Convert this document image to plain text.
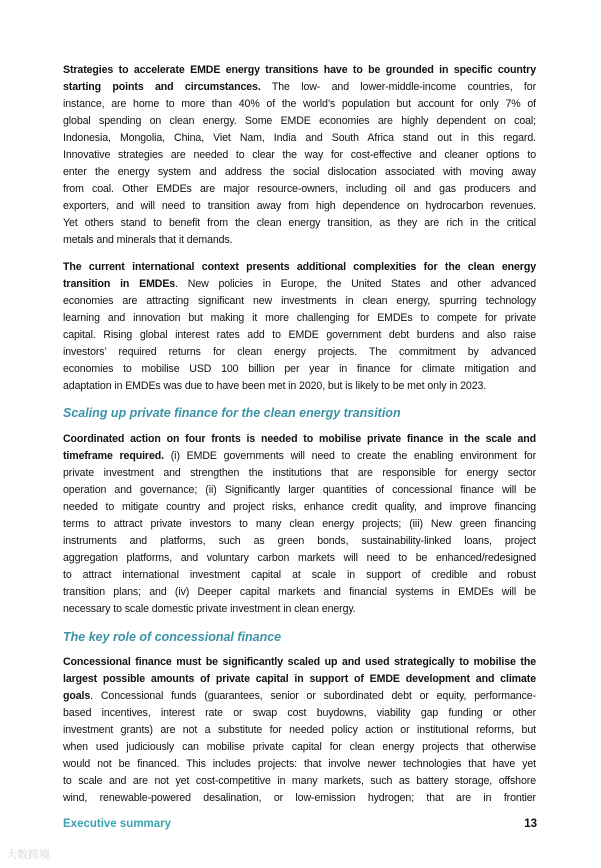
Strategies to accelerate EMDE energy transitions have to be grounded in specific country
starting points and circumstances. The low- and lower-middle-income countries, for
instance, are home to more than 40% of the world’s population but account for only 7% of
global spending on clean energy. Some EMDE economies are highly dependent on coal;
Indonesia, Mongolia, China, Viet Nam, India and South Africa stand out in this regard.
Innovative strategies are needed to clear the way for cost-effective and cleaner options to
enter the energy system and address the social dislocation associated with moving away
from coal. Other EMDEs are major resource-owners, including oil and gas producers and
exporters, and will need to transition away from high dependence on hydrocarbon revenues.
Yet others stand to benefit from the clean energy transition, as they are rich in the critical
metals and minerals that it demands.
The current international context presents additional complexities for the clean energy
transition in EMDEs. New policies in Europe, the United States and other advanced
economies are attracting significant new investments in clean energy, spurring technology
learning and innovation but making it more challenging for EMDEs to compete for private
capital. Rising global interest rates add to EMDE government debt burdens and also raise
investors’ required returns for clean energy projects. The commitment by advanced
economies to mobilise USD 100 billion per year in finance for climate mitigation and
adaptation in EMDEs was due to have been met in 2020, but is likely to be met only in 2023.
Scaling up private finance for the clean energy transition
Coordinated action on four fronts is needed to mobilise private finance in the scale and
timeframe required. (i) EMDE governments will need to create the enabling environment for
private investment and strengthen the institutions that are responsible for energy sector
operation and governance; (ii) Significantly larger quantities of concessional finance will be
needed to mitigate country and project risks, enhance credit quality, and improve financing
terms to attract private investors to many clean energy projects; (iii) New green financing
instruments and platforms, such as green bonds, sustainability-linked loans, project
aggregation platforms, and voluntary carbon markets will need to be enhanced/redesigned
to attract international investment capital at scale in support of credible and robust
transition plans; and (iv) Deeper capital markets and financial systems in EMDEs will be
necessary to scale domestic private investment in clean energy.
The key role of concessional finance
Concessional finance must be significantly scaled up and used strategically to mobilise the
largest possible amounts of private capital in support of EMDE development and climate
goals. Concessional funds (guarantees, senior or subordinated debt or equity, performance-
based incentives, interest rate or swap cost buydowns, viability gap funding or other
investment grants) are not a substitute for needed policy action or institutional reforms, but
when used judiciously can mobilise private capital for clean energy projects that otherwise
would not be financed. This includes projects: that involve newer technologies that have yet
to scale and are not yet cost-competitive in many markets, such as battery storage, offshore
wind, renewable-powered desalination, or low-emission hydrogen; that are in frontier
Executive summary	13
大数跨境
